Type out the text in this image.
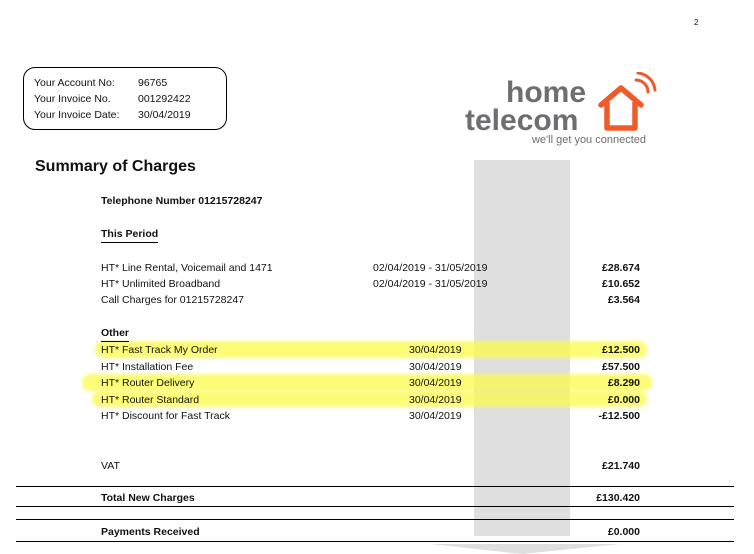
2
Your Account No: 96765
Your Invoice No.	001292422
Your Invoice Date: 30/04/2019
home
telecom
we'll get you connected
Summary of Charges
Telephone Number 01215728247
This Period
HT* Line Rental, Voicemail and 1471	02/04/2019 - 31/05/2019	£28.674
HT* Unlimited Broadband	02/04/2019 - 31/05/2019	£10.652
Call Charges for 01215728247	£3.564
Other
HT* Fast Track My Order	30/04/2019	£12.500
HT* Installation Fee	30/04/2019	£57.500
HT* Router Delivery	30/04/2019	£8.290
HT* Router Standard	30/04/2019	£0.000
HT* Discount for Fast Track	30/04/2019	-£12.500
VAT	£21.740
Total New Charges	£130.420
Payments Received	£0.000
